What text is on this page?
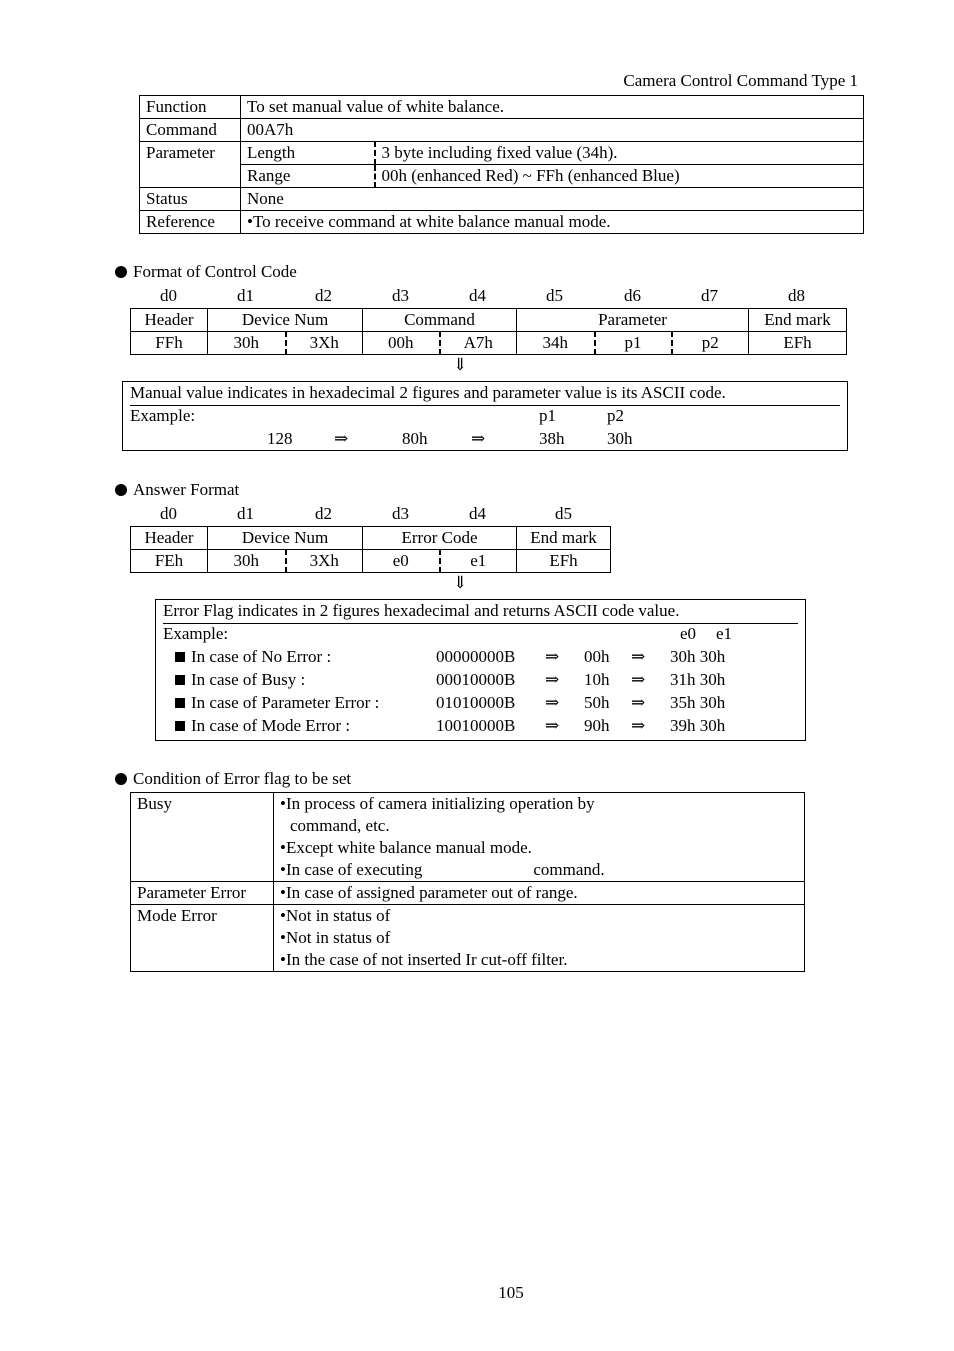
Camera Control Command Type 1
Function	To set manual value of white balance.	
Command	00A7h	
Parameter	Length	3 byte including fixed value (34h).
	Range	00h (enhanced Red) ~ FFh (enhanced Blue)
Status	None	
Reference	•To receive command at white balance manual mode.	
Format of Control Code
d0	d1	d2	d3	d4	d5	d6	d7	d8
Header	Device Num		Command		Parameter			End mark
FFh	30h	3Xh	00h	A7h	34h	p1	p2	EFh
⇓
Manual value indicates in hexadecimal 2 figures and parameter value is its ASCII code.
Example:	p1	p2
128 ⇒	80h	⇒	38h	30h
Answer Format
d0	d1	d2	d3	d4	d5
Header	Device Num		Error Code		End mark
FEh	30h	3Xh	e0	e1	EFh
⇓
Error Flag indicates in 2 figures hexadecimal and returns ASCII code value.
Example:	e0 e1
In case of No Error :	00000000B ⇒ 00h ⇒ 30h 30h
In case of Busy :	00010000B ⇒ 10h ⇒ 31h 30h
In case of Parameter Error :	01010000B ⇒ 50h ⇒ 35h 30h
In case of Mode Error :	10010000B ⇒ 90h ⇒ 39h 30h
Condition of Error flag to be set
Busy	•In process of camera initializing operation by
command, etc.
•Except white balance manual mode.
•In case of executing command.

Parameter Error	•In case of assigned parameter out of range.
Mode Error	•Not in status of
•Not in status of
•In the case of not inserted Ir cut-off filter.
105
